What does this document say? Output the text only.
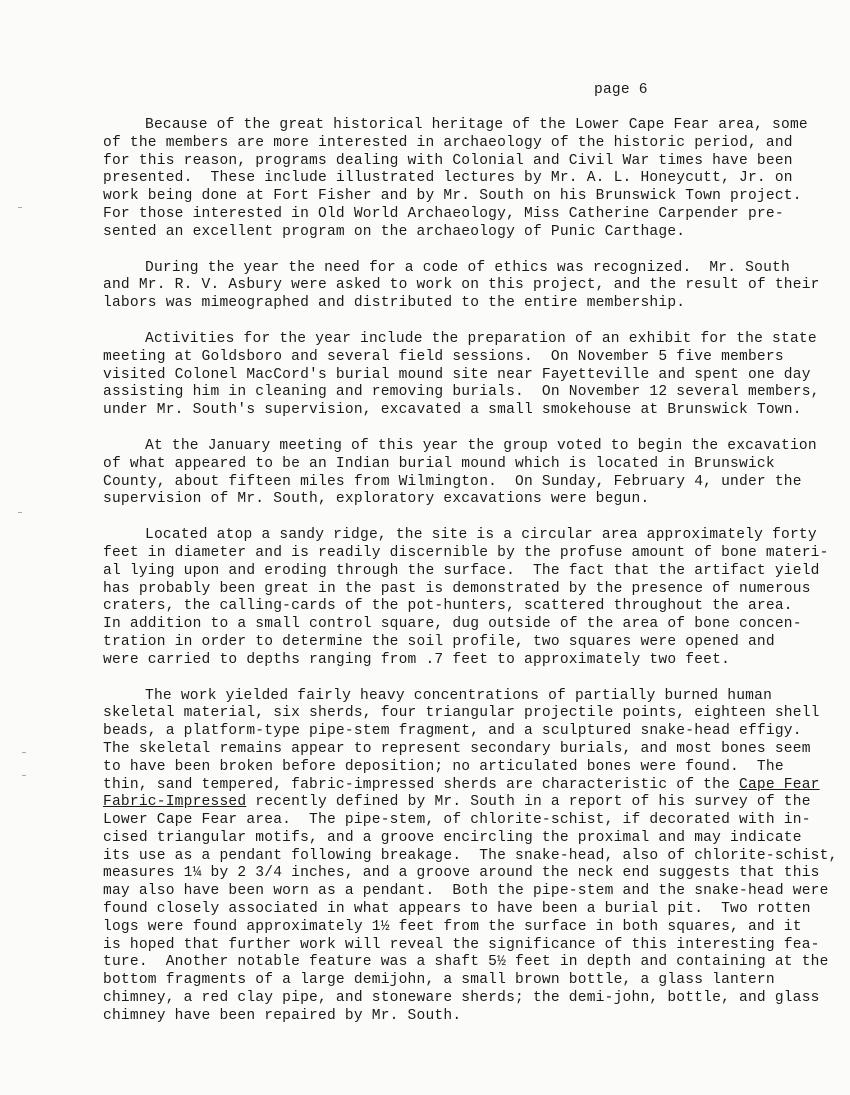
page 6
Because of the great historical heritage of the Lower Cape Fear area, some
of the members are more interested in archaeology of the historic period, and
for this reason, programs dealing with Colonial and Civil War times have been
presented.  These include illustrated lectures by Mr. A. L. Honeycutt, Jr. on
work being done at Fort Fisher and by Mr. South on his Brunswick Town project.
For those interested in Old World Archaeology, Miss Catherine Carpender pre-
sented an excellent program on the archaeology of Punic Carthage.
During the year the need for a code of ethics was recognized.  Mr. South
and Mr. R. V. Asbury were asked to work on this project, and the result of their
labors was mimeographed and distributed to the entire membership.
Activities for the year include the preparation of an exhibit for the state
meeting at Goldsboro and several field sessions.  On November 5 five members
visited Colonel MacCord's burial mound site near Fayetteville and spent one day
assisting him in cleaning and removing burials.  On November 12 several members,
under Mr. South's supervision, excavated a small smokehouse at Brunswick Town.
At the January meeting of this year the group voted to begin the excavation
of what appeared to be an Indian burial mound which is located in Brunswick
County, about fifteen miles from Wilmington.  On Sunday, February 4, under the
supervision of Mr. South, exploratory excavations were begun.
Located atop a sandy ridge, the site is a circular area approximately forty
feet in diameter and is readily discernible by the profuse amount of bone materi-
al lying upon and eroding through the surface.  The fact that the artifact yield
has probably been great in the past is demonstrated by the presence of numerous
craters, the calling-cards of the pot-hunters, scattered throughout the area.
In addition to a small control square, dug outside of the area of bone concen-
tration in order to determine the soil profile, two squares were opened and
were carried to depths ranging from .7 feet to approximately two feet.
The work yielded fairly heavy concentrations of partially burned human
skeletal material, six sherds, four triangular projectile points, eighteen shell
beads, a platform-type pipe-stem fragment, and a sculptured snake-head effigy.
The skeletal remains appear to represent secondary burials, and most bones seem
to have been broken before deposition; no articulated bones were found.  The
thin, sand tempered, fabric-impressed sherds are characteristic of the Cape Fear
Fabric-Impressed recently defined by Mr. South in a report of his survey of the
Lower Cape Fear area.  The pipe-stem, of chlorite-schist, if decorated with in-
cised triangular motifs, and a groove encircling the proximal and may indicate
its use as a pendant following breakage.  The snake-head, also of chlorite-schist,
measures 1¼ by 2 3/4 inches, and a groove around the neck end suggests that this
may also have been worn as a pendant.  Both the pipe-stem and the snake-head were
found closely associated in what appears to have been a burial pit.  Two rotten
logs were found approximately 1½ feet from the surface in both squares, and it
is hoped that further work will reveal the significance of this interesting fea-
ture.  Another notable feature was a shaft 5½ feet in depth and containing at the
bottom fragments of a large demijohn, a small brown bottle, a glass lantern
chimney, a red clay pipe, and stoneware sherds; the demi-john, bottle, and glass
chimney have been repaired by Mr. South.
